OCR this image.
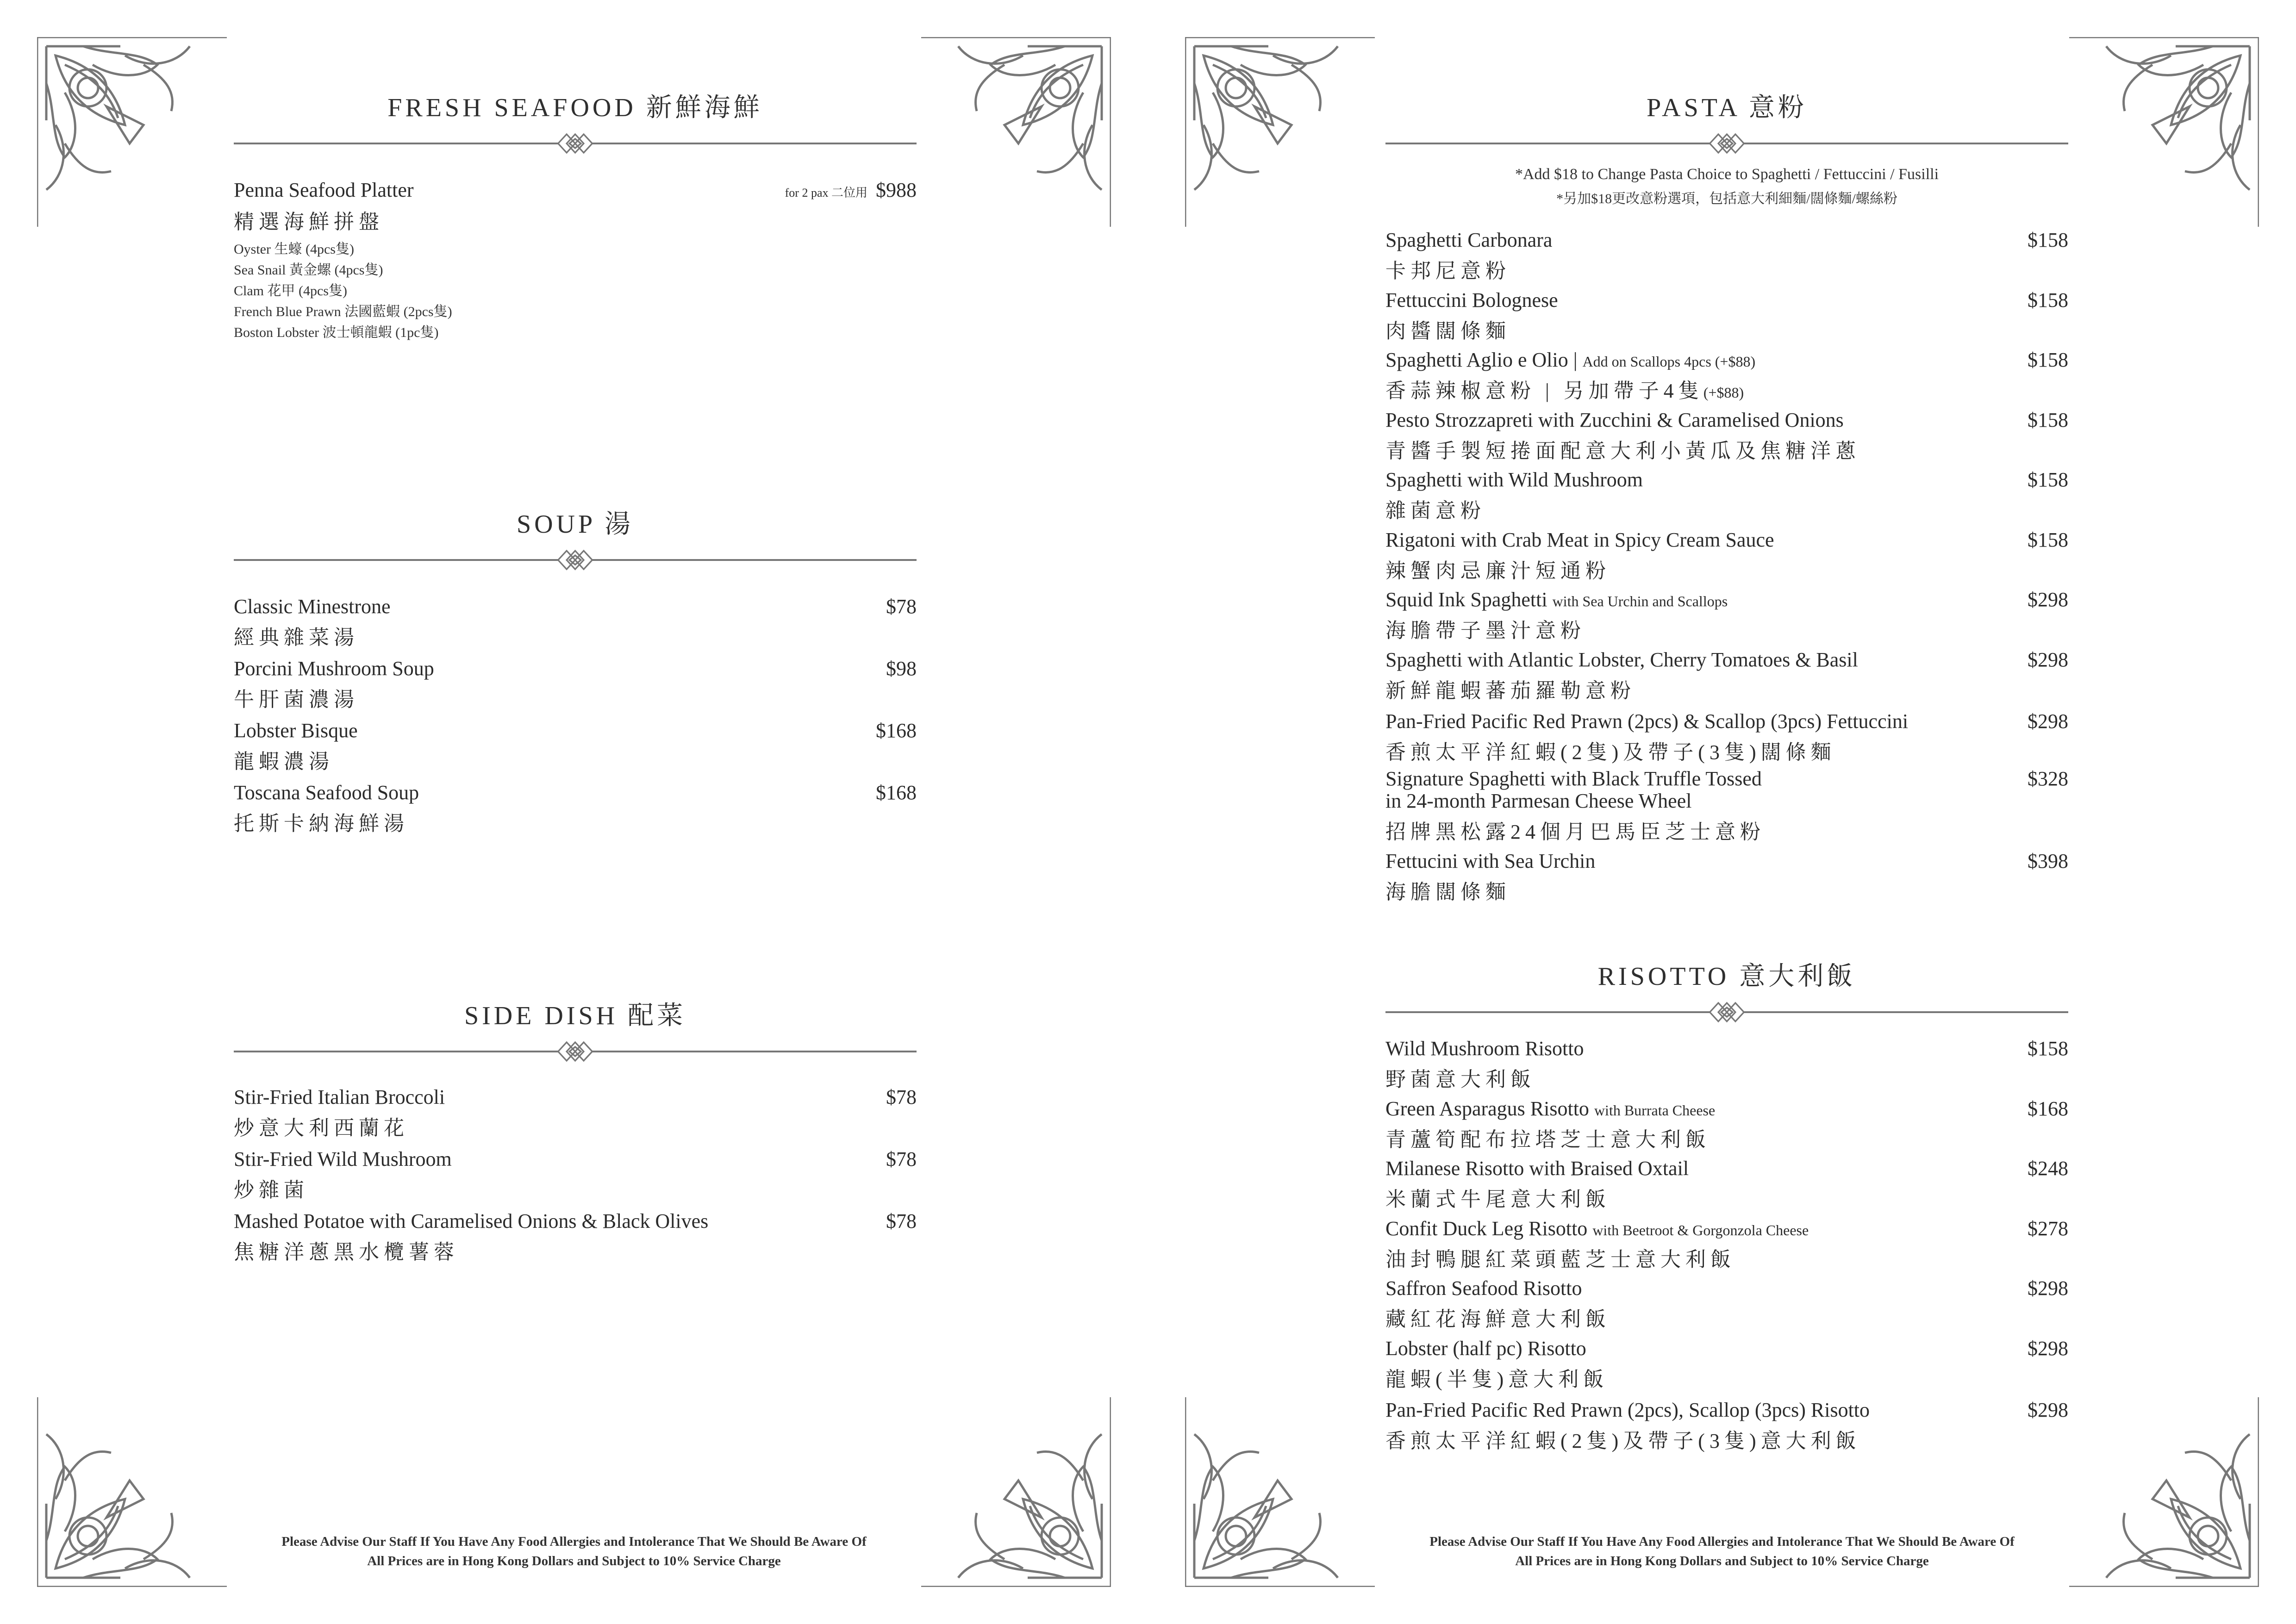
FRESH SEAFOOD 新鮮海鮮
Penna Seafood Platter	for 2 pax 二位用 $988
精選海鮮拼盤
Oyster 生蠔 (4pcs隻)
Sea Snail 黃金螺 (4pcs隻)
Clam 花甲 (4pcs隻)
French Blue Prawn 法國藍蝦 (2pcs隻)
Boston Lobster 波士頓龍蝦 (1pc隻)
SOUP 湯
Classic Minestrone	$78
經典雜菜湯
Porcini Mushroom Soup	$98
牛肝菌濃湯
Lobster Bisque	$168
龍蝦濃湯
Toscana Seafood Soup	$168
托斯卡納海鮮湯
SIDE DISH 配菜
Stir-Fried Italian Broccoli	$78
炒意大利西蘭花
Stir-Fried Wild Mushroom	$78
炒雜菌
Mashed Potatoe with Caramelised Onions & Black Olives	$78
焦糖洋蔥黑水欖薯蓉
Please Advise Our Staff If You Have Any Food Allergies and Intolerance That We Should Be Aware Of
All Prices are in Hong Kong Dollars and Subject to 10% Service Charge
PASTA 意粉
*Add $18 to Change Pasta Choice to Spaghetti / Fettuccini / Fusilli
*另加$18更改意粉選項，包括意大利細麵/闊條麵/螺絲粉
Spaghetti Carbonara	$158
卡邦尼意粉
Fettuccini Bolognese	$158
肉醬闊條麵
Spaghetti Aglio e Olio | Add on Scallops 4pcs (+$88)	$158
香蒜辣椒意粉 | 另加帶子4隻(+$88)
Pesto Strozzapreti with Zucchini & Caramelised Onions	$158
青醬手製短捲面配意大利小黃瓜及焦糖洋蔥
Spaghetti with Wild Mushroom	$158
雜菌意粉
Rigatoni with Crab Meat in Spicy Cream Sauce	$158
辣蟹肉忌廉汁短通粉
Squid Ink Spaghetti with Sea Urchin and Scallops	$298
海膽帶子墨汁意粉
Spaghetti with Atlantic Lobster, Cherry Tomatoes & Basil	$298
新鮮龍蝦蕃茄羅勒意粉
Pan-Fried Pacific Red Prawn (2pcs) & Scallop (3pcs) Fettuccini	$298
香煎太平洋紅蝦(2隻)及帶子(3隻)闊條麵
Signature Spaghetti with Black Truffle Tossed
in 24-month Parmesan Cheese Wheel
$328
招牌黑松露24個月巴馬臣芝士意粉
Fettucini with Sea Urchin	$398
海膽闊條麵
RISOTTO 意大利飯
Wild Mushroom Risotto	$158
野菌意大利飯
Green Asparagus Risotto with Burrata Cheese	$168
青蘆筍配布拉塔芝士意大利飯
Milanese Risotto with Braised Oxtail	$248
米蘭式牛尾意大利飯
Confit Duck Leg Risotto with Beetroot & Gorgonzola Cheese	$278
油封鴨腿紅菜頭藍芝士意大利飯
Saffron Seafood Risotto	$298
藏紅花海鮮意大利飯
Lobster (half pc) Risotto	$298
龍蝦(半隻)意大利飯
Pan-Fried Pacific Red Prawn (2pcs), Scallop (3pcs) Risotto	$298
香煎太平洋紅蝦(2隻)及帶子(3隻)意大利飯
Please Advise Our Staff If You Have Any Food Allergies and Intolerance That We Should Be Aware Of
All Prices are in Hong Kong Dollars and Subject to 10% Service Charge
